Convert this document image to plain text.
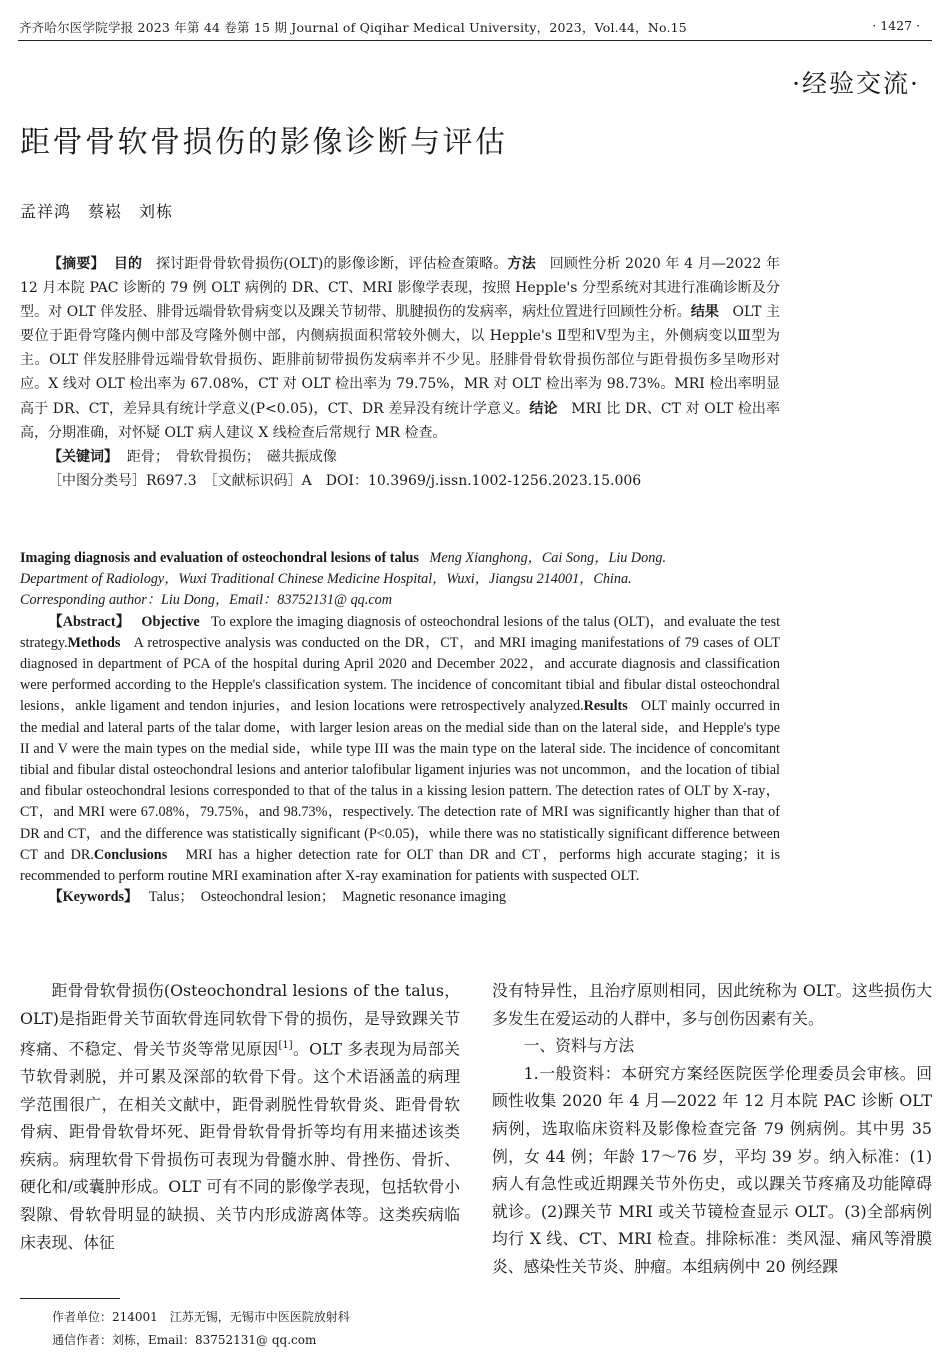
齐齐哈尔医学院学报 2023 年第 44 卷第 15 期 Journal of Qiqihar Medical University，2023，Vol.44，No.15	· 1427 ·
·经验交流·
距骨骨软骨损伤的影像诊断与评估
孟祥鸿　蔡崧　刘栋

【摘要】 目的 探讨距骨骨软骨损伤(OLT)的影像诊断，评估检查策略。方法 回顾性分析 2020 年 4 月—2022 年 12 月本院 PAC 诊断的 79 例 OLT 病例的 DR、CT、MRI 影像学表现，按照 Hepple's 分型系统对其进行准确诊断及分型。对 OLT 伴发胫、腓骨远端骨软骨病变以及踝关节韧带、肌腱损伤的发病率，病灶位置进行回顾性分析。结果 OLT 主要位于距骨穹隆内侧中部及穹隆外侧中部，内侧病损面积常较外侧大，以 Hepple's Ⅱ型和Ⅴ型为主，外侧病变以Ⅲ型为主。OLT 伴发胫腓骨远端骨软骨损伤、距腓前韧带损伤发病率并不少见。胫腓骨骨软骨损伤部位与距骨损伤多呈吻形对应。X 线对 OLT 检出率为 67.08%，CT 对 OLT 检出率为 79.75%，MR 对 OLT 检出率为 98.73%。MRI 检出率明显高于 DR、CT，差异具有统计学意义(P<0.05)，CT、DR 差异没有统计学意义。结论 MRI 比 DR、CT 对 OLT 检出率高，分期准确，对怀疑 OLT 病人建议 X 线检查后常规行 MR 检查。

【关键词】 距骨；　骨软骨损伤；　磁共振成像

［中图分类号］R697.3　［文献标识码］A　DOI：10.3969/j.issn.1002-1256.2023.15.006

Imaging diagnosis and evaluation of osteochondral lesions of talus Meng Xianghong，Cai Song，Liu Dong.

Department of Radiology，Wuxi Traditional Chinese Medicine Hospital，Wuxi，Jiangsu 214001，China.

Corresponding author：Liu Dong，Email：83752131@ qq.com

【Abstract】 Objective To explore the imaging diagnosis of osteochondral lesions of the talus (OLT)，and evaluate the test strategy.Methods A retrospective analysis was conducted on the DR，CT，and MRI imaging manifestations of 79 cases of OLT diagnosed in department of PCA of the hospital during April 2020 and December 2022，and accurate diagnosis and classification were performed according to the Hepple's classification system. The incidence of concomitant tibial and fibular distal osteochondral lesions，ankle ligament and tendon injuries，and lesion locations were retrospectively analyzed.Results OLT mainly occurred in the medial and lateral parts of the talar dome，with larger lesion areas on the medial side than on the lateral side，and Hepple's type II and V were the main types on the medial side，while type III was the main type on the lateral side. The incidence of concomitant tibial and fibular distal osteochondral lesions and anterior talofibular ligament injuries was not uncommon，and the location of tibial and fibular osteochondral lesions corresponded to that of the talus in a kissing lesion pattern. The detection rates of OLT by X-ray，CT，and MRI were 67.08%，79.75%，and 98.73%，respectively. The detection rate of MRI was significantly higher than that of DR and CT，and the difference was statistically significant (P<0.05)，while there was no statistically significant difference between CT and DR.Conclusions MRI has a higher detection rate for OLT than DR and CT，performs high accurate staging；it is recommended to perform routine MRI examination after X-ray examination for patients with suspected OLT.

【Keywords】 Talus；　Osteochondral lesion；　Magnetic resonance imaging

距骨骨软骨损伤(Osteochondral lesions of the talus，OLT)是指距骨关节面软骨连同软骨下骨的损伤，是导致踝关节疼痛、不稳定、骨关节炎等常见原因[1]。OLT 多表现为局部关节软骨剥脱，并可累及深部的软骨下骨。这个术语涵盖的病理学范围很广，在相关文献中，距骨剥脱性骨软骨炎、距骨骨软骨病、距骨骨软骨坏死、距骨骨软骨骨折等均有用来描述该类疾病。病理软骨下骨损伤可表现为骨髓水肿、骨挫伤、骨折、硬化和/或囊肿形成。OLT 可有不同的影像学表现，包括软骨小裂隙、骨软骨明显的缺损、关节内形成游离体等。这类疾病临床表现、体征

没有特异性，且治疗原则相同，因此统称为 OLT。这些损伤大多发生在爱运动的人群中，多与创伤因素有关。

一、资料与方法

1.一般资料：本研究方案经医院医学伦理委员会审核。回顾性收集 2020 年 4 月—2022 年 12 月本院 PAC 诊断 OLT 病例，选取临床资料及影像检查完备 79 例病例。其中男 35 例，女 44 例；年龄 17～76 岁，平均 39 岁。纳入标准：(1)病人有急性或近期踝关节外伤史，或以踝关节疼痛及功能障碍就诊。(2)踝关节 MRI 或关节镜检查显示 OLT。(3)全部病例均行 X 线、CT、MRI 检查。排除标准：类风湿、痛风等滑膜炎、感染性关节炎、肿瘤。本组病例中 20 例经踝

作者单位：214001　江苏无锡，无锡市中医医院放射科
通信作者：刘栋，Email：83752131@ qq.com
